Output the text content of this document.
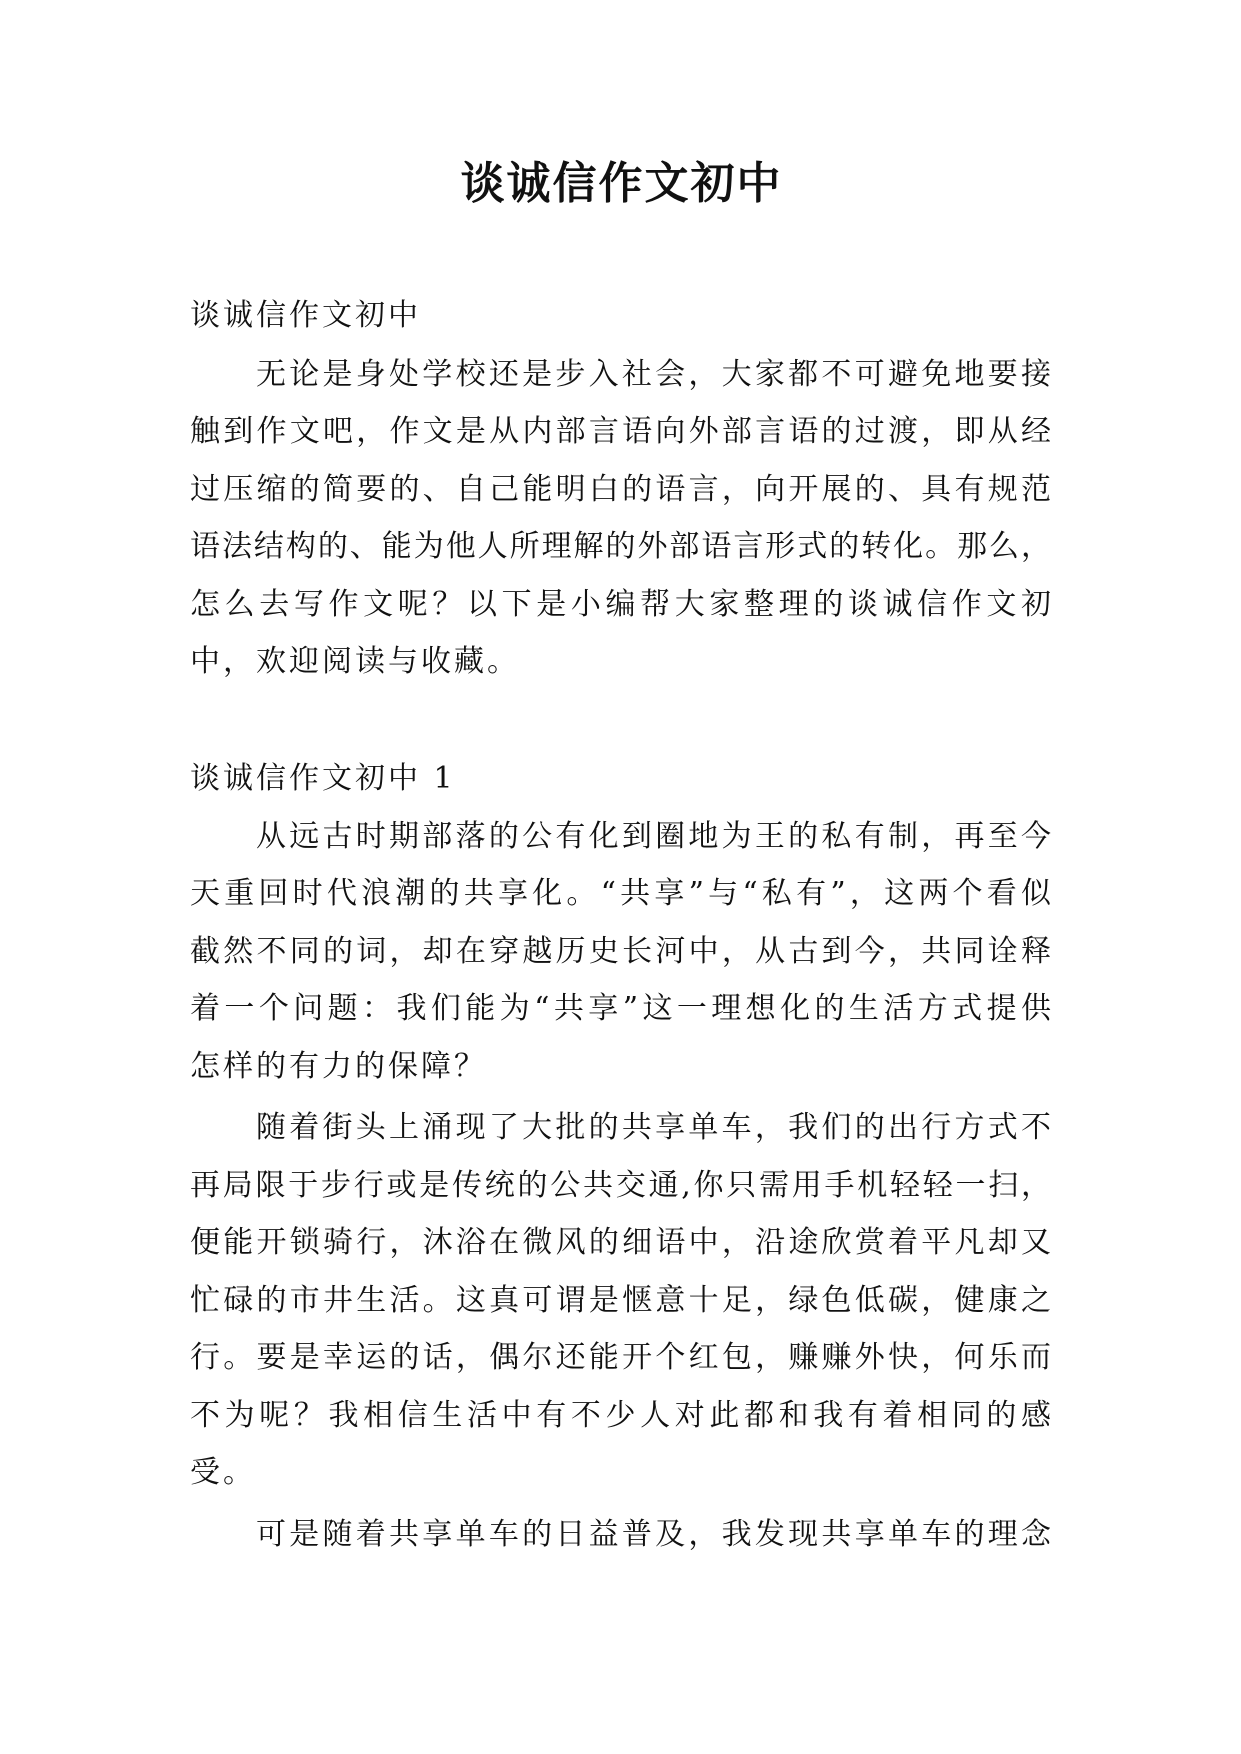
谈诚信作文初中
谈诚信作文初中
无论是身处学校还是步入社会，大家都不可避免地要接
触到作文吧，作文是从内部言语向外部言语的过渡，即从经
过压缩的简要的、自己能明白的语言，向开展的、具有规范
语法结构的、能为他人所理解的外部语言形式的转化。那么，
怎么去写作文呢？以下是小编帮大家整理的谈诚信作文初
中，欢迎阅读与收藏。
谈诚信作文初中 1
从远古时期部落的公有化到圈地为王的私有制，再至今
天重回时代浪潮的共享化。“共享”与“私有”，这两个看似
截然不同的词，却在穿越历史长河中，从古到今，共同诠释
着一个问题：我们能为“共享”这一理想化的生活方式提供
怎样的有力的保障？
随着街头上涌现了大批的共享单车，我们的出行方式不
再局限于步行或是传统的公共交通,你只需用手机轻轻一扫，
便能开锁骑行，沐浴在微风的细语中，沿途欣赏着平凡却又
忙碌的市井生活。这真可谓是惬意十足，绿色低碳，健康之
行。要是幸运的话，偶尔还能开个红包，赚赚外快，何乐而
不为呢？我相信生活中有不少人对此都和我有着相同的感
受。
可是随着共享单车的日益普及，我发现共享单车的理念
